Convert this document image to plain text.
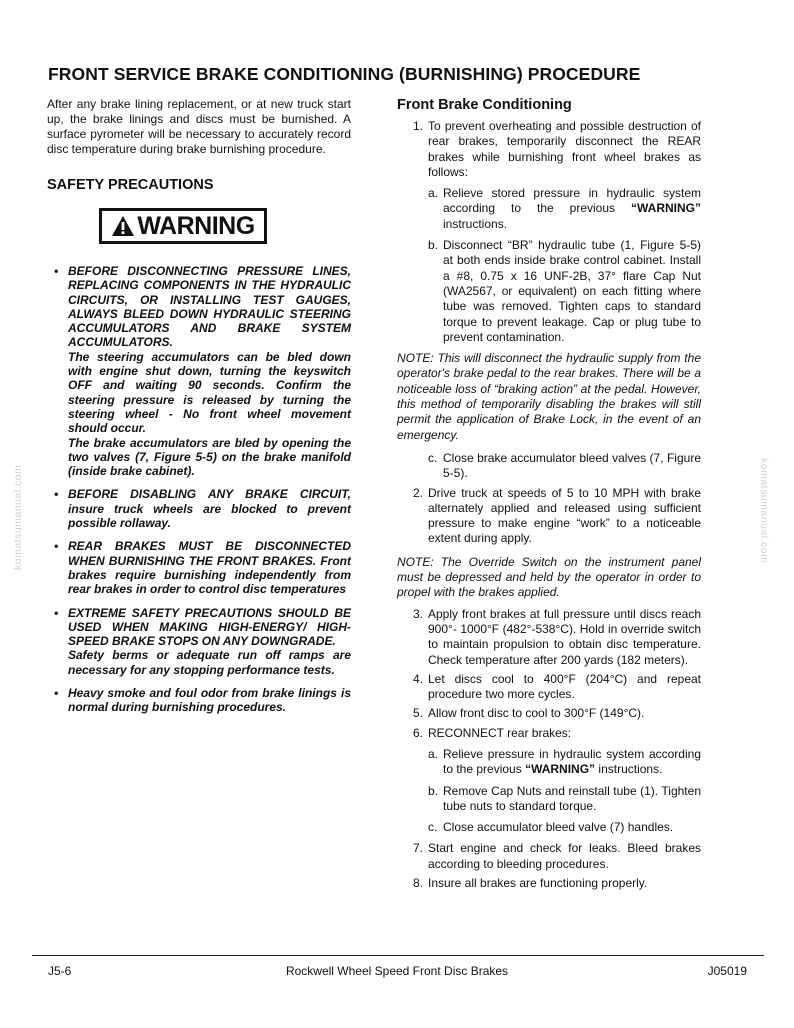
FRONT SERVICE BRAKE CONDITIONING (BURNISHING) PROCEDURE

After any brake lining replacement, or at new truck start up, the brake linings and discs must be burnished. A surface pyrometer will be necessary to accurately record disc temperature during brake burnishing procedure.

SAFETY PRECAUTIONS
WARNING
• BEFORE DISCONNECTING PRESSURE LINES, REPLACING COMPONENTS IN THE HYDRAULIC CIRCUITS, OR INSTALLING TEST GAUGES, ALWAYS BLEED DOWN HYDRAULIC STEERING ACCUMULATORS AND BRAKE SYSTEM ACCUMULATORS.
The steering accumulators can be bled down with engine shut down, turning the keyswitch OFF and waiting 90 seconds. Confirm the steering pressure is released by turning the steering wheel - No front wheel movement should occur.
The brake accumulators are bled by opening the two valves (7, Figure 5-5) on the brake manifold (inside brake cabinet).
• BEFORE DISABLING ANY BRAKE CIRCUIT, insure truck wheels are blocked to prevent possible rollaway.
• REAR BRAKES MUST BE DISCONNECTED WHEN BURNISHING THE FRONT BRAKES. Front brakes require burnishing independently from rear brakes in order to control disc temperatures
• EXTREME SAFETY PRECAUTIONS SHOULD BE USED WHEN MAKING HIGH-ENERGY/ HIGH-SPEED BRAKE STOPS ON ANY DOWNGRADE.
Safety berms or adequate run off ramps are necessary for any stopping performance tests.
• Heavy smoke and foul odor from brake linings is normal during burnishing procedures.
Front Brake Conditioning
1. To prevent overheating and possible destruction of rear brakes, temporarily disconnect the REAR brakes while burnishing front wheel brakes as follows:
a. Relieve stored pressure in hydraulic system according to the previous “WARNING” instructions.
b. Disconnect “BR” hydraulic tube (1, Figure 5-5) at both ends inside brake control cabinet. Install a #8, 0.75 x 16 UNF-2B, 37° flare Cap Nut (WA2567, or equivalent) on each fitting where tube was removed. Tighten caps to standard torque to prevent leakage. Cap or plug tube to prevent contamination.

NOTE: This will disconnect the hydraulic supply from the operator's brake pedal to the rear brakes. There will be a noticeable loss of “braking action” at the pedal. However, this method of temporarily disabling the brakes will still permit the application of Brake Lock, in the event of an emergency.

c. Close brake accumulator bleed valves (7, Figure 5-5).
2. Drive truck at speeds of 5 to 10 MPH with brake alternately applied and released using sufficient pressure to make engine “work” to a noticeable extent during apply.

NOTE: The Override Switch on the instrument panel must be depressed and held by the operator in order to propel with the brakes applied.

3. Apply front brakes at full pressure until discs reach 900°- 1000°F (482°-538°C). Hold in override switch to maintain propulsion to obtain disc temperature. Check temperature after 200 yards (182 meters).
4. Let discs cool to 400°F (204°C) and repeat procedure two more cycles.
5. Allow front disc to cool to 300°F (149°C).
6. RECONNECT rear brakes:
a. Relieve pressure in hydraulic system according to the previous “WARNING” instructions.
b. Remove Cap Nuts and reinstall tube (1). Tighten tube nuts to standard torque.
c. Close accumulator bleed valve (7) handles.
7. Start engine and check for leaks. Bleed brakes according to bleeding procedures.
8. Insure all brakes are functioning properly.
komatsumanual.com	komatsumanual.com
J5-6	Rockwell Wheel Speed Front Disc Brakes	J05019
